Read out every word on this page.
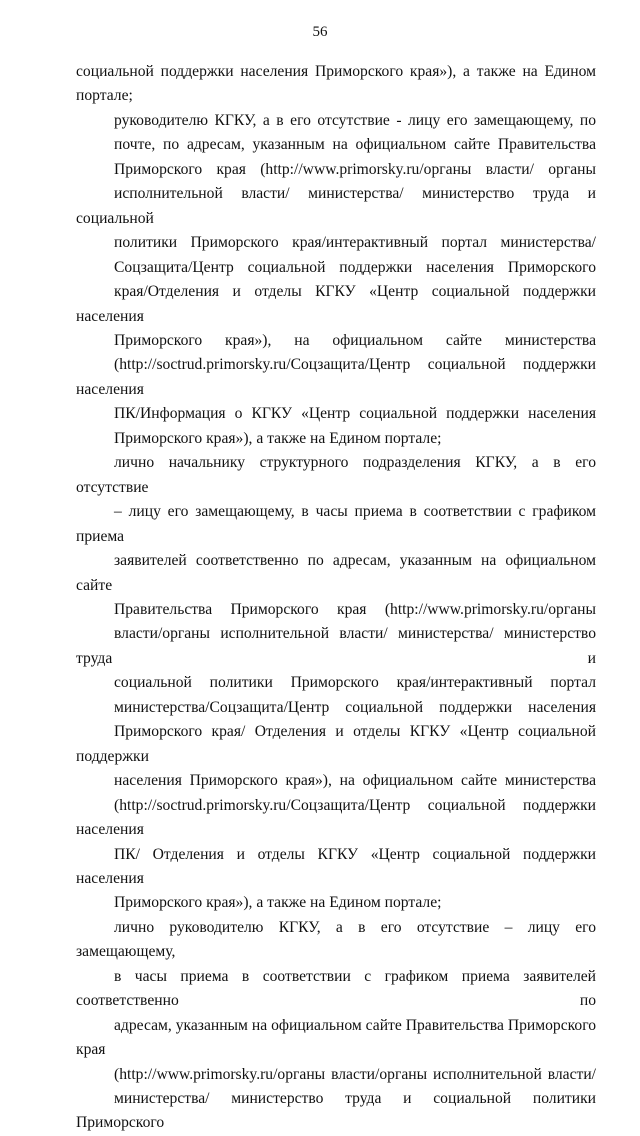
56

социальной поддержки населения Приморского края»), а также на Едином
портале;

руководителю КГКУ, а в его отсутствие - лицу его замещающему, по
почте, по адресам, указанным на официальном сайте Правительства
Приморского края (http://www.primorsky.ru/органы власти/ органы
исполнительной власти/ министерства/ министерство труда и социальной
политики Приморского края/интерактивный портал министерства/
Соцзащита/Центр социальной поддержки населения Приморского
края/Отделения и отделы КГКУ «Центр социальной поддержки населения
Приморского края»), на официальном сайте министерства
(http://soctrud.primorsky.ru/Соцзащита/Центр социальной поддержки населения
ПК/Информация о КГКУ «Центр социальной поддержки населения
Приморского края»), а также на Едином портале;

лично начальнику структурного подразделения КГКУ, а в его отсутствие
– лицу его замещающему, в часы приема в соответствии с графиком приема
заявителей соответственно по адресам, указанным на официальном сайте
Правительства Приморского края (http://www.primorsky.ru/органы
власти/органы исполнительной власти/ министерства/ министерство труда и
социальной политики Приморского края/интерактивный портал
министерства/Соцзащита/Центр социальной поддержки населения
Приморского края/ Отделения и отделы КГКУ «Центр социальной поддержки
населения Приморского края»), на официальном сайте министерства
(http://soctrud.primorsky.ru/Соцзащита/Центр социальной поддержки населения
ПК/ Отделения и отделы КГКУ «Центр социальной поддержки населения
Приморского края»), а также на Едином портале;

лично руководителю КГКУ, а в его отсутствие – лицу его замещающему,
в часы приема в соответствии с графиком приема заявителей соответственно по
адресам, указанным на официальном сайте Правительства Приморского края
(http://www.primorsky.ru/органы власти/органы исполнительной власти/
министерства/ министерство труда и социальной политики Приморского
